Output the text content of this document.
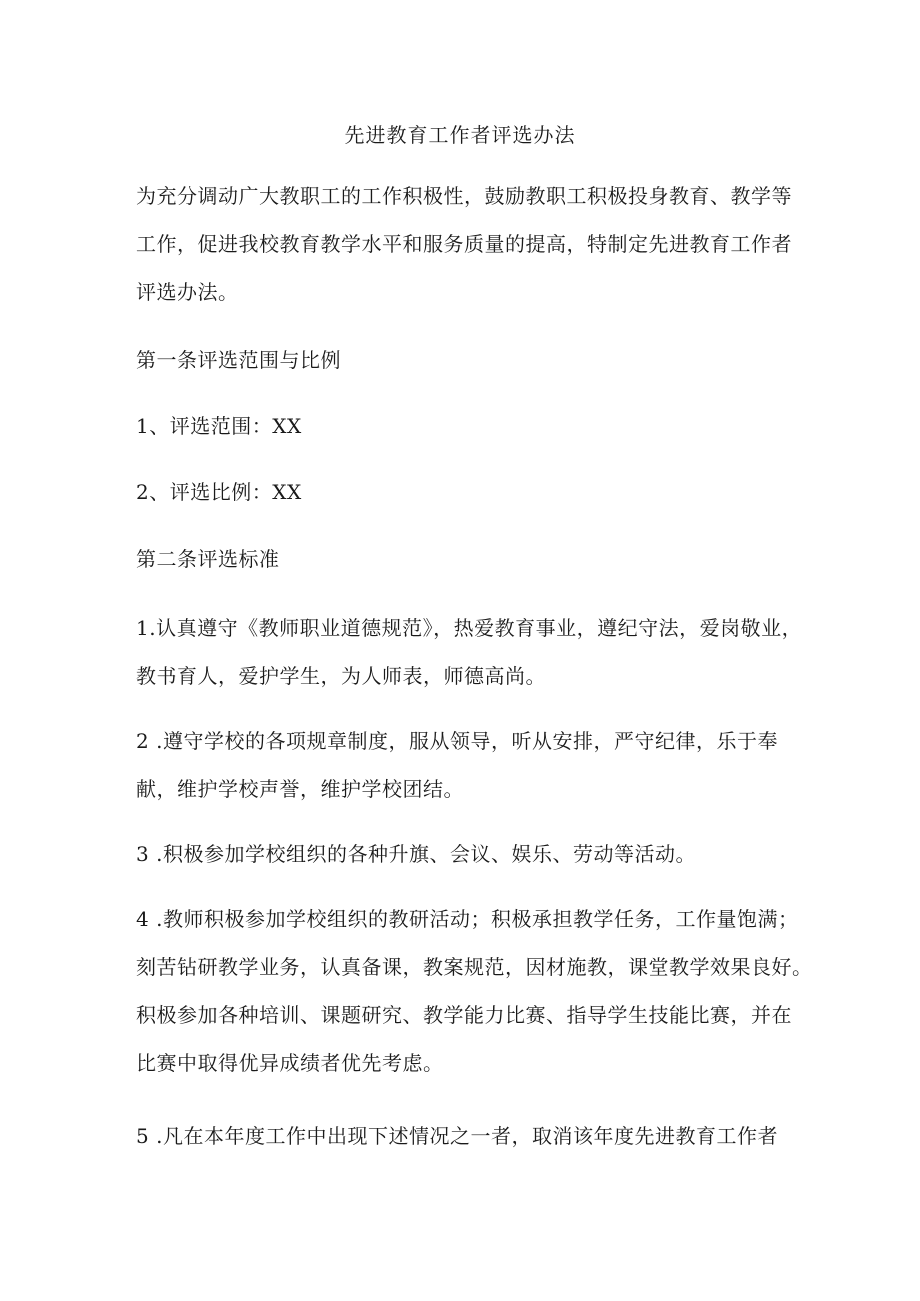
先进教育工作者评选办法
为充分调动广大教职工的工作积极性，鼓励教职工积极投身教育、教学等
工作，促进我校教育教学水平和服务质量的提高，特制定先进教育工作者
评选办法。
第一条评选范围与比例
1、评选范围：XX
2、评选比例：XX
第二条评选标准
1.认真遵守《教师职业道德规范》，热爱教育事业，遵纪守法，爱岗敬业，
教书育人，爱护学生，为人师表，师德高尚。
2 .遵守学校的各项规章制度，服从领导，听从安排，严守纪律，乐于奉
献，维护学校声誉，维护学校团结。
3 .积极参加学校组织的各种升旗、会议、娱乐、劳动等活动。
4 .教师积极参加学校组织的教研活动；积极承担教学任务，工作量饱满；
刻苦钻研教学业务，认真备课，教案规范，因材施教，课堂教学效果良好。
积极参加各种培训、课题研究、教学能力比赛、指导学生技能比赛，并在
比赛中取得优异成绩者优先考虑。
5 .凡在本年度工作中出现下述情况之一者，取消该年度先进教育工作者
